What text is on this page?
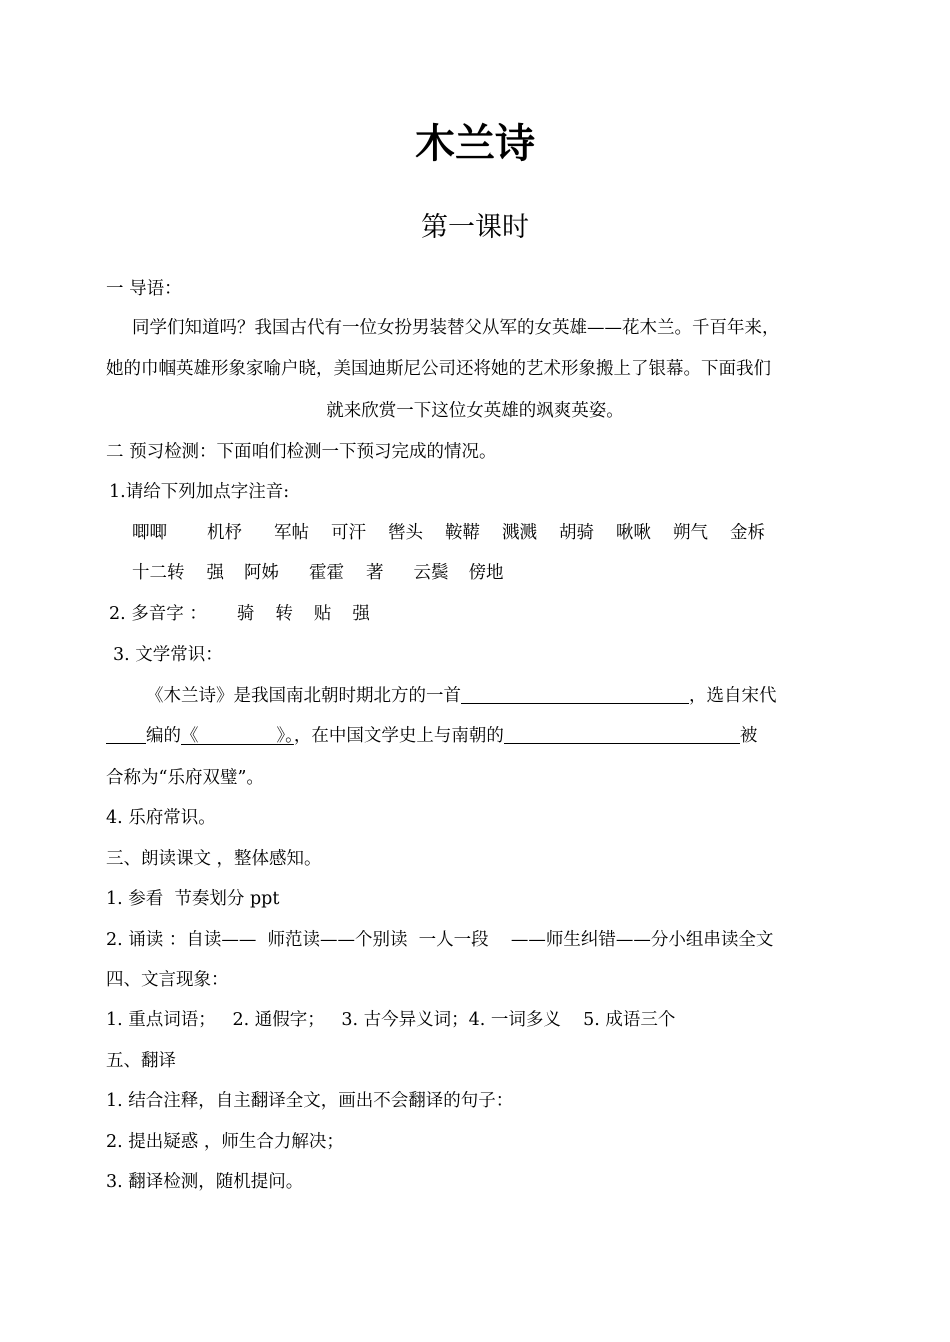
木兰诗
第一课时
一 导语：
同学们知道吗？我国古代有一位女扮男装替父从军的女英雄——花木兰。千百年来，
她的巾帼英雄形象家喻户晓，美国迪斯尼公司还将她的艺术形象搬上了银幕。下面我们
就来欣赏一下这位女英雄的飒爽英姿。
二 预习检测：下面咱们检测一下预习完成的情况。
1.请给下列加点字注音:
唧唧 机杼 军帖 可汗 辔头 鞍鞯 溅溅 胡骑 啾啾 朔气 金柝
十二转 强 阿姊 霍霍 著 云鬓 傍地
2. 多音字 ： 骑 转 贴 强
3. 文学常识：
《木兰诗》是我国南北朝时期北方的一首	，选自宋代
编的《              》。，在中国文学史上与南朝的	被
合称为“乐府双璧”。
4. 乐府常识。
三、朗读课文 ，整体感知。
1. 参看  节奏划分 ppt
2. 诵读 ：自读——  师范读——个别读  一人一段    ——师生纠错——分小组串读全文
四、文言现象：
1. 重点词语；   2. 通假字；   3. 古今异义词；4. 一词多义    5. 成语三个
五、翻译
1. 结合注释，自主翻译全文，画出不会翻译的句子：
2. 提出疑惑 ，师生合力解决；
3. 翻译检测，随机提问。
